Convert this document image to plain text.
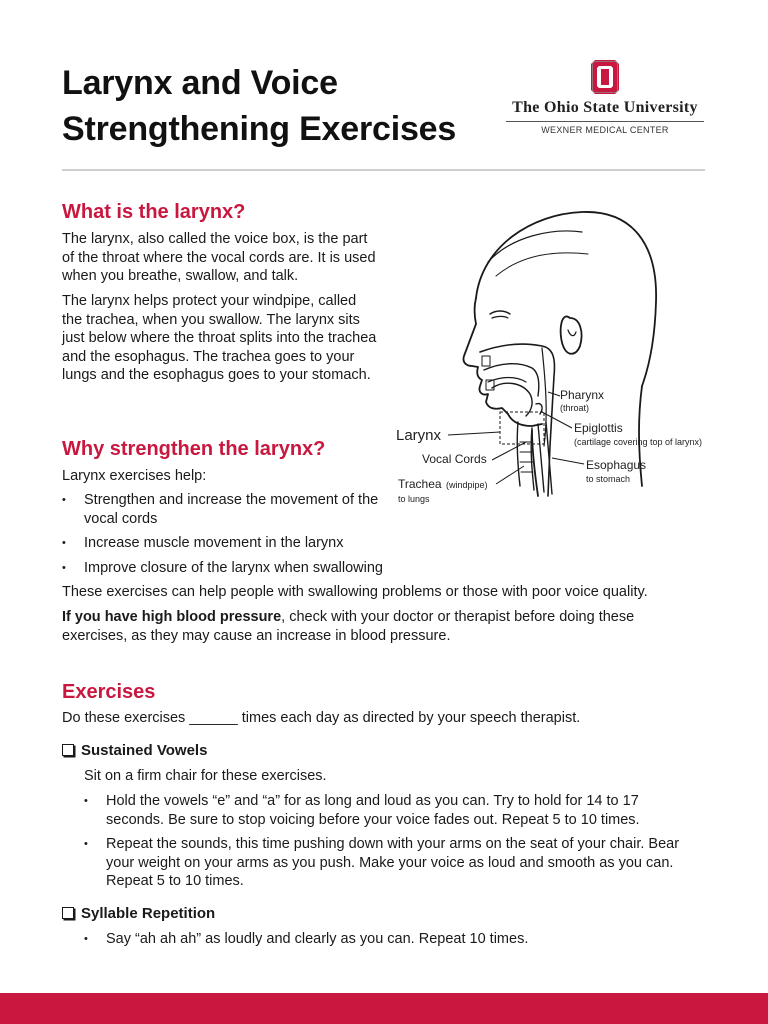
Larynx and Voice
Strengthening Exercises
The Ohio State University
WEXNER MEDICAL CENTER
What is the larynx?

The larynx, also called the voice box, is the part of the throat where the vocal cords are. It is used when you breathe, swallow, and talk.

The larynx helps protect your windpipe, called the trachea, when you swallow. The larynx sits just below where the throat splits into the trachea and the esophagus. The trachea goes to your lungs and the esophagus goes to your stomach.

Why strengthen the larynx?

Larynx exercises help:

• Strengthen and increase the movement of the vocal cords
• Increase muscle movement in the larynx
• Improve closure of the larynx when swallowing

These exercises can help people with swallowing problems or those with poor voice quality.

If you have high blood pressure, check with your doctor or therapist before doing these exercises, as they may cause an increase in blood pressure.

Exercises

Do these exercises ______ times each day as directed by your speech therapist.

Sustained Vowels

Sit on a firm chair for these exercises.

• Hold the vowels “e” and “a” for as long and loud as you can. Try to hold for 14 to 17 seconds. Be sure to stop voicing before your voice fades out. Repeat 5 to 10 times.
• Repeat the sounds, this time pushing down with your arms on the seat of your chair. Bear your weight on your arms as you push. Make your voice as loud and smooth as you can. Repeat 5 to 10 times.
Syllable Repetition
• Say “ah ah ah” as loudly and clearly as you can. Repeat 10 times.
Larynx
Pharynx
(throat)
Epiglottis
(cartilage covering top of larynx)
Vocal Cords	Esophagus
to stomach
Trachea (windpipe)
to lungs
